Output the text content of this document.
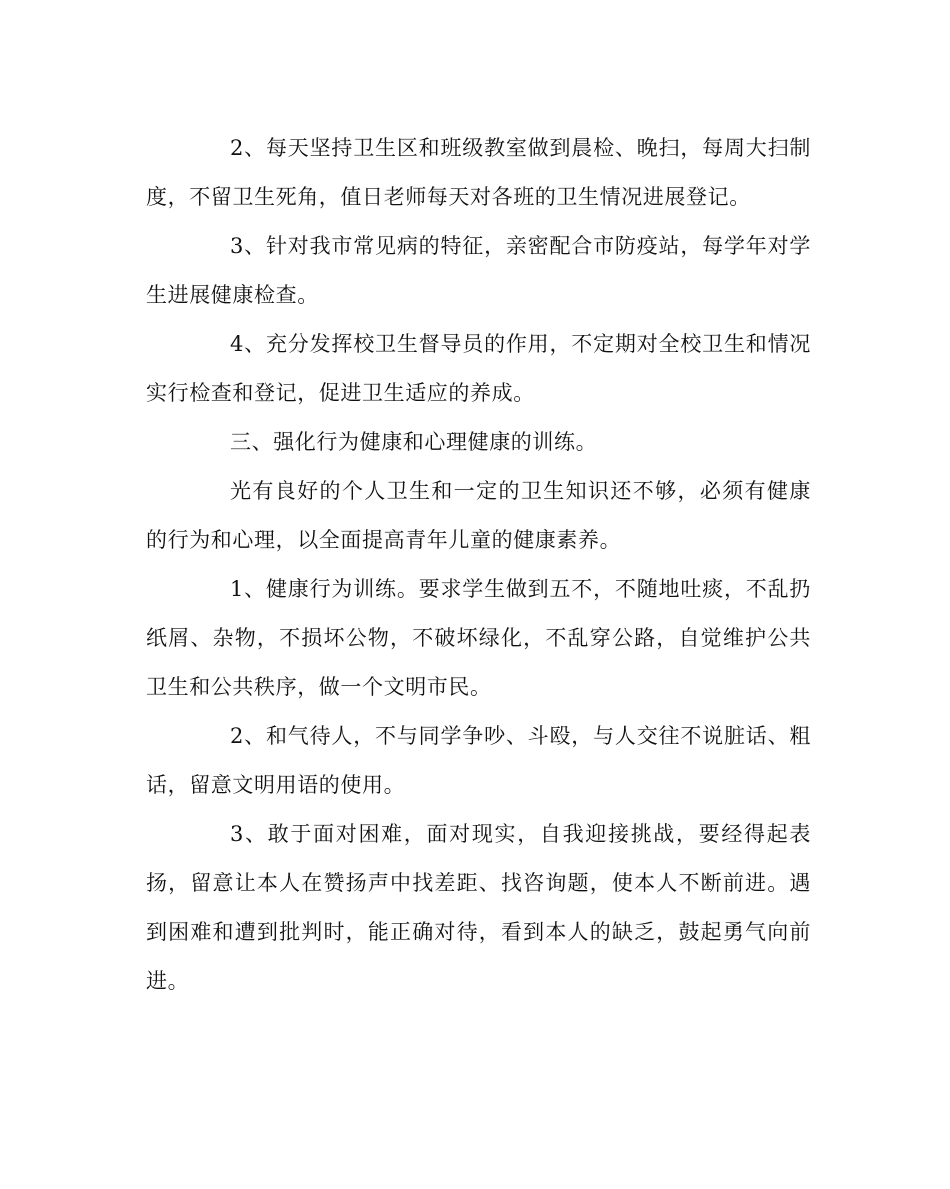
2、每天坚持卫生区和班级教室做到晨检、晚扫，每周大扫制度，不留卫生死角，值日老师每天对各班的卫生情况进展登记。

3、针对我市常见病的特征，亲密配合市防疫站，每学年对学生进展健康检查。

4、充分发挥校卫生督导员的作用，不定期对全校卫生和情况实行检查和登记，促进卫生适应的养成。

三、强化行为健康和心理健康的训练。

光有良好的个人卫生和一定的卫生知识还不够，必须有健康的行为和心理，以全面提高青年儿童的健康素养。

1、健康行为训练。要求学生做到五不，不随地吐痰，不乱扔纸屑、杂物，不损坏公物，不破坏绿化，不乱穿公路，自觉维护公共卫生和公共秩序，做一个文明市民。

2、和气待人，不与同学争吵、斗殴，与人交往不说脏话、粗话，留意文明用语的使用。

3、敢于面对困难，面对现实，自我迎接挑战，要经得起表扬，留意让本人在赞扬声中找差距、找咨询题，使本人不断前进。遇到困难和遭到批判时，能正确对待，看到本人的缺乏，鼓起勇气向前进。
